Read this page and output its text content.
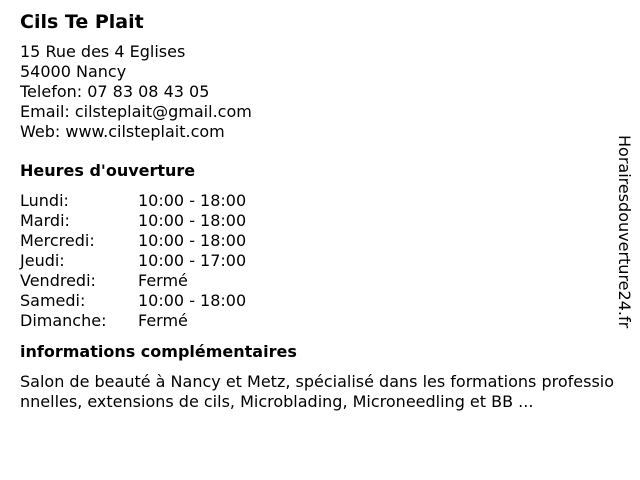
Cils Te Plait
15 Rue des 4 Eglises
54000 Nancy
Telefon: 07 83 08 43 05
Email: cilsteplait@gmail.com
Web: www.cilsteplait.com
Heures d'ouverture
Lundi:	10:00 - 18:00
Mardi:	10:00 - 18:00
Mercredi:	10:00 - 18:00
Jeudi:	10:00 - 17:00
Vendredi:	Fermé
Samedi:	10:00 - 18:00
Dimanche:	Fermé
informations complémentaires
Salon de beauté à Nancy et Metz, spécialisé dans les formations professionnelles, extensions de cils, Microblading, Microneedling et BB ...
Horairesdouverture24.fr
